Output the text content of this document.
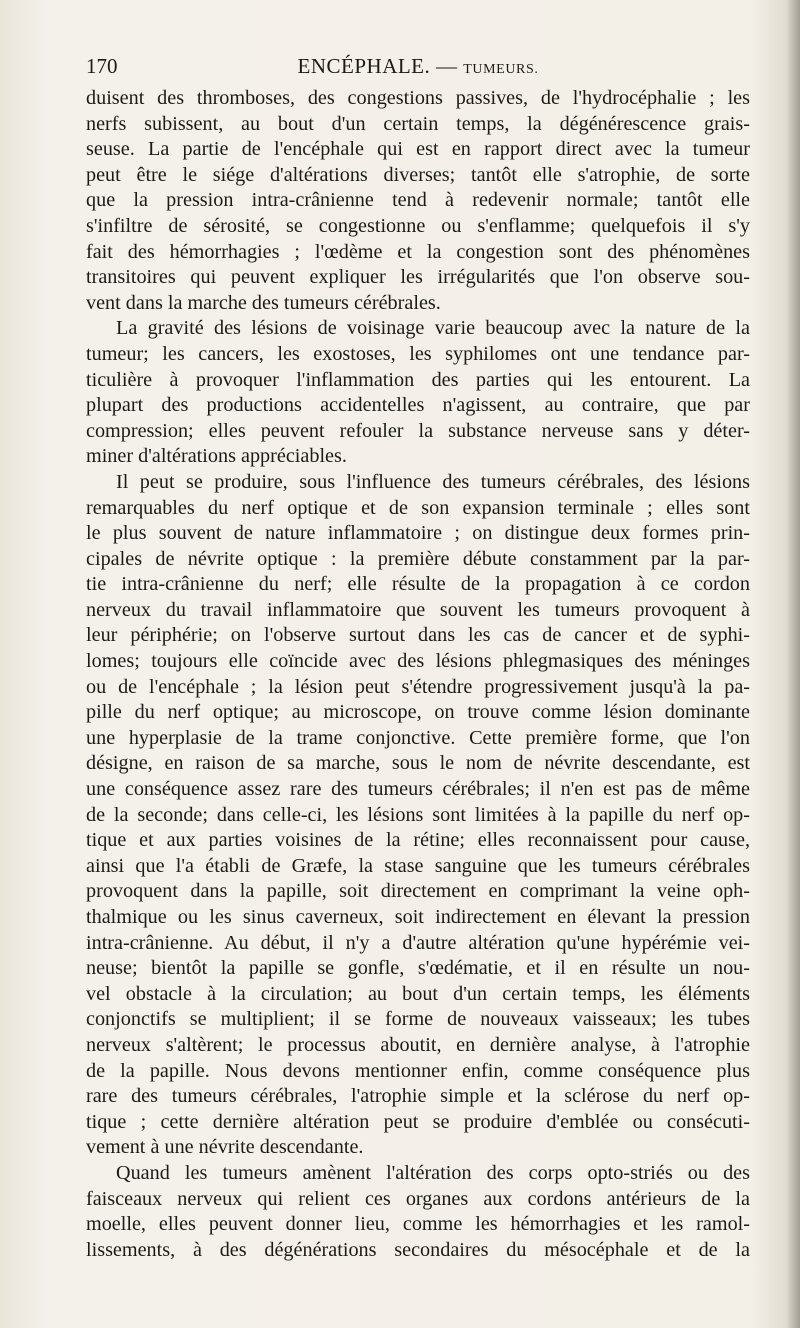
170	ENCÉPHALE. — TUMEURS.
duisent des thromboses, des congestions passives, de l'hydrocéphalie ; les
nerfs subissent, au bout d'un certain temps, la dégénérescence grais-
seuse. La partie de l'encéphale qui est en rapport direct avec la tumeur
peut être le siége d'altérations diverses; tantôt elle s'atrophie, de sorte
que la pression intra-crânienne tend à redevenir normale; tantôt elle
s'infiltre de sérosité, se congestionne ou s'enflamme; quelquefois il s'y
fait des hémorrhagies ; l'œdème et la congestion sont des phénomènes
transitoires qui peuvent expliquer les irrégularités que l'on observe sou-
vent dans la marche des tumeurs cérébrales.
La gravité des lésions de voisinage varie beaucoup avec la nature de la
tumeur; les cancers, les exostoses, les syphilomes ont une tendance par-
ticulière à provoquer l'inflammation des parties qui les entourent. La
plupart des productions accidentelles n'agissent, au contraire, que par
compression; elles peuvent refouler la substance nerveuse sans y déter-
miner d'altérations appréciables.
Il peut se produire, sous l'influence des tumeurs cérébrales, des lésions
remarquables du nerf optique et de son expansion terminale ; elles sont
le plus souvent de nature inflammatoire ; on distingue deux formes prin-
cipales de névrite optique : la première débute constamment par la par-
tie intra-crânienne du nerf; elle résulte de la propagation à ce cordon
nerveux du travail inflammatoire que souvent les tumeurs provoquent à
leur périphérie; on l'observe surtout dans les cas de cancer et de syphi-
lomes; toujours elle coïncide avec des lésions phlegmasiques des méninges
ou de l'encéphale ; la lésion peut s'étendre progressivement jusqu'à la pa-
pille du nerf optique; au microscope, on trouve comme lésion dominante
une hyperplasie de la trame conjonctive. Cette première forme, que l'on
désigne, en raison de sa marche, sous le nom de névrite descendante, est
une conséquence assez rare des tumeurs cérébrales; il n'en est pas de même
de la seconde; dans celle-ci, les lésions sont limitées à la papille du nerf op-
tique et aux parties voisines de la rétine; elles reconnaissent pour cause,
ainsi que l'a établi de Græfe, la stase sanguine que les tumeurs cérébrales
provoquent dans la papille, soit directement en comprimant la veine oph-
thalmique ou les sinus caverneux, soit indirectement en élevant la pression
intra-crânienne. Au début, il n'y a d'autre altération qu'une hypérémie vei-
neuse; bientôt la papille se gonfle, s'œdématie, et il en résulte un nou-
vel obstacle à la circulation; au bout d'un certain temps, les éléments
conjonctifs se multiplient; il se forme de nouveaux vaisseaux; les tubes
nerveux s'altèrent; le processus aboutit, en dernière analyse, à l'atrophie
de la papille. Nous devons mentionner enfin, comme conséquence plus
rare des tumeurs cérébrales, l'atrophie simple et la sclérose du nerf op-
tique ; cette dernière altération peut se produire d'emblée ou consécuti-
vement à une névrite descendante.
Quand les tumeurs amènent l'altération des corps opto-striés ou des
faisceaux nerveux qui relient ces organes aux cordons antérieurs de la
moelle, elles peuvent donner lieu, comme les hémorrhagies et les ramol-
lissements, à des dégénérations secondaires du mésocéphale et de la
